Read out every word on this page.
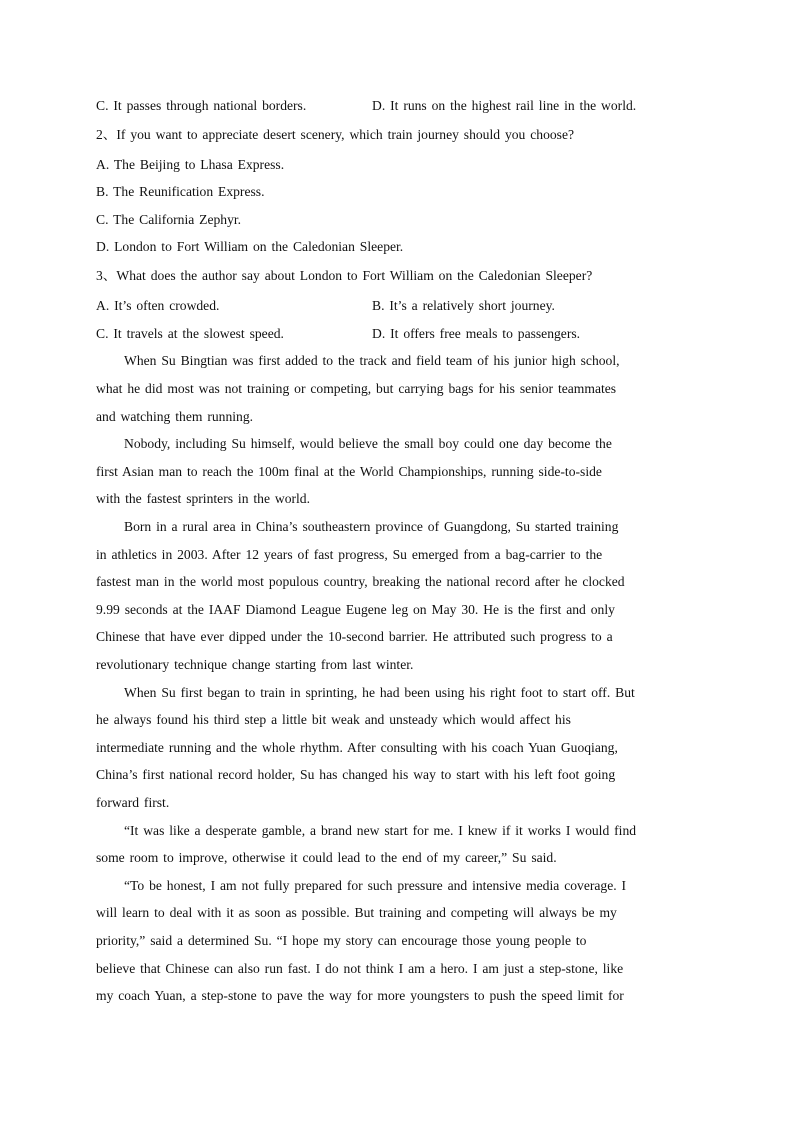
C. It passes through national borders.	D. It runs on the highest rail line in the world.
2、If you want to appreciate desert scenery, which train journey should you choose?
A. The Beijing to Lhasa Express.
B. The Reunification Express.
C. The California Zephyr.
D. London to Fort William on the Caledonian Sleeper.
3、What does the author say about London to Fort William on the Caledonian Sleeper?
A. It’s often crowded.	B. It’s a relatively short journey.
C. It travels at the slowest speed.	D. It offers free meals to passengers.
When Su Bingtian was first added to the track and field team of his junior high school,
what he did most was not training or competing, but carrying bags for his senior teammates
and watching them running.
Nobody, including Su himself, would believe the small boy could one day become the
first Asian man to reach the 100m final at the World Championships, running side-to-side
with the fastest sprinters in the world.
Born in a rural area in China’s southeastern province of Guangdong, Su started training
in athletics in 2003. After 12 years of fast progress, Su emerged from a bag-carrier to the
fastest man in the world most populous country, breaking the national record after he clocked
9.99 seconds at the IAAF Diamond League Eugene leg on May 30. He is the first and only
Chinese that have ever dipped under the 10-second barrier. He attributed such progress to a
revolutionary technique change starting from last winter.
When Su first began to train in sprinting, he had been using his right foot to start off. But
he always found his third step a little bit weak and unsteady which would affect his
intermediate running and the whole rhythm. After consulting with his coach Yuan Guoqiang,
China’s first national record holder, Su has changed his way to start with his left foot going
forward first.
“It was like a desperate gamble, a brand new start for me. I knew if it works I would find
some room to improve, otherwise it could lead to the end of my career,” Su said.
“To be honest, I am not fully prepared for such pressure and intensive media coverage. I
will learn to deal with it as soon as possible. But training and competing will always be my
priority,” said a determined Su. “I hope my story can encourage those young people to
believe that Chinese can also run fast. I do not think I am a hero. I am just a step-stone, like
my coach Yuan, a step-stone to pave the way for more youngsters to push the speed limit for
